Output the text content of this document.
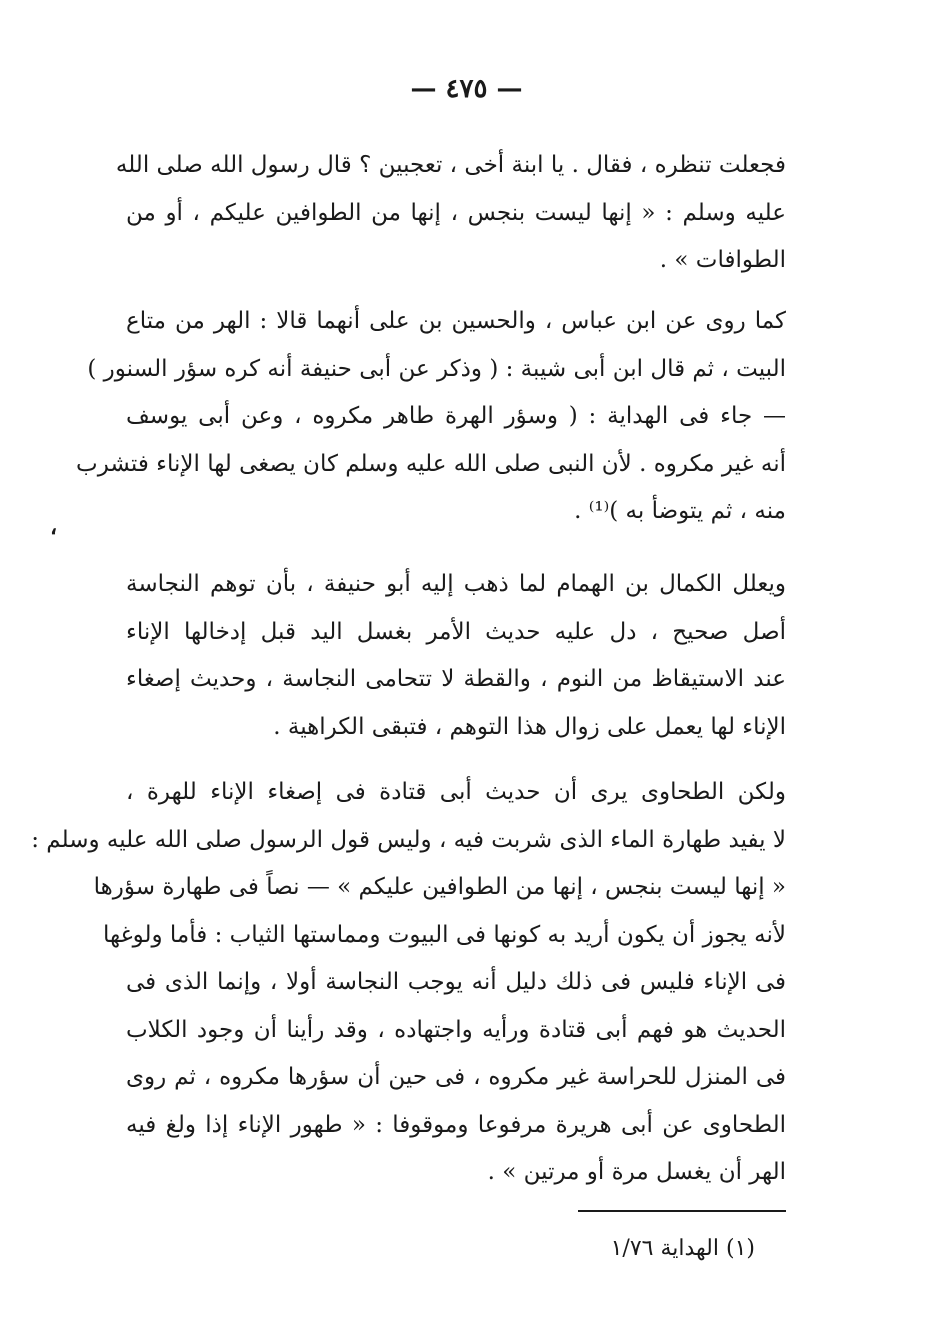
— ٤٧٥ —
فجعلت تنظره ، فقال . يا ابنة أخى ، تعجبين ؟ قال رسول الله صلى الله
عليه وسلم : « إنها ليست بنجس ، إنها من الطوافين عليكم ، أو من
الطوافات » .
كما روى عن ابن عباس ، والحسين بن على أنهما قالا : الهر من متاع
البيت ، ثم قال ابن أبى شيبة : ( وذكر عن أبى حنيفة أنه كره سؤر السنور )
— جاء فى الهداية : ( وسؤر الهرة طاهر مكروه ، وعن أبى يوسف
أنه غير مكروه . لأن النبى صلى الله عليه وسلم كان يصغى لها الإناء فتشرب
منه ، ثم يتوضأ به )⁽¹⁾ .
،
ويعلل الكمال بن الهمام لما ذهب إليه أبو حنيفة ، بأن توهم النجاسة
أصل صحيح ، دل عليه حديث الأمر بغسل اليد قبل إدخالها الإناء
عند الاستيقاظ من النوم ، والقطة لا تتحامى النجاسة ، وحديث إصغاء
الإناء لها يعمل على زوال هذا التوهم ، فتبقى الكراهية .
ولكن الطحاوى يرى أن حديث أبى قتادة فى إصغاء الإناء للهرة ،
لا يفيد طهارة الماء الذى شربت فيه ، وليس قول الرسول صلى الله عليه وسلم :
« إنها ليست بنجس ، إنها من الطوافين عليكم » — نصاً فى طهارة سؤرها
لأنه يجوز أن يكون أريد به كونها فى البيوت ومماستها الثياب : فأما ولوغها
فى الإناء فليس فى ذلك دليل أنه يوجب النجاسة أولا ، وإنما الذى فى
الحديث هو فهم أبى قتادة ورأيه واجتهاده ، وقد رأينا أن وجود الكلاب
فى المنزل للحراسة غير مكروه ، فى حين أن سؤرها مكروه ، ثم روى
الطحاوى عن أبى هريرة مرفوعا وموقوفا : « طهور الإناء إذا ولغ فيه
الهر أن يغسل مرة أو مرتين » .
(١) الهداية ١/٧٦
